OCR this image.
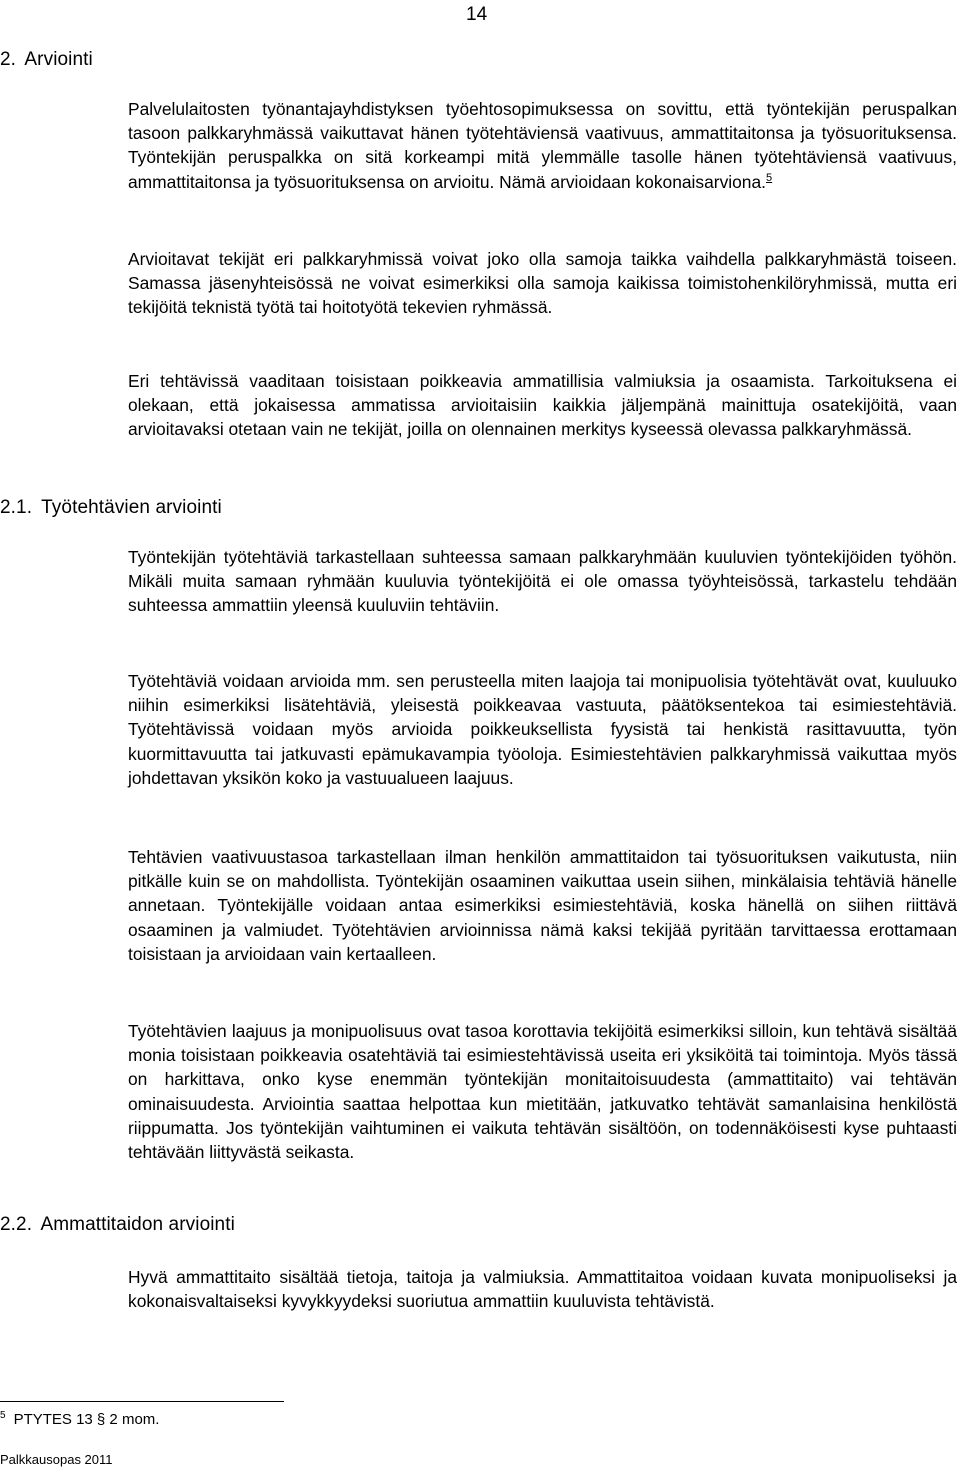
14
2. Arviointi

Palvelulaitosten työnantajayhdistyksen työehtosopimuksessa on sovittu, että työntekijän peruspalkan tasoon palkkaryhmässä vaikuttavat hänen työtehtäviensä vaativuus, ammattitaitonsa ja työsuorituksensa. Työntekijän peruspalkka on sitä korkeampi mitä ylemmälle tasolle hänen työtehtäviensä vaativuus, ammattitaitonsa ja työsuorituksensa on arvioitu. Nämä arvioidaan kokonaisarviona.$^5$

Arvioitavat tekijät eri palkkaryhmissä voivat joko olla samoja taikka vaihdella palkkaryhmästä toiseen. Samassa jäsenyhteisössä ne voivat esimerkiksi olla samoja kaikissa toimistohenkilöryhmissä, mutta eri tekijöitä teknistä työtä tai hoitotyötä tekevien ryhmässä.

Eri tehtävissä vaaditaan toisistaan poikkeavia ammatillisia valmiuksia ja osaamista. Tarkoituksena ei olekaan, että jokaisessa ammatissa arvioitaisiin kaikkia jäljempänä mainittuja osatekijöitä, vaan arvioitavaksi otetaan vain ne tekijät, joilla on olennainen merkitys kyseessä olevassa palkkaryhmässä.

2.1. Työtehtävien arviointi

Työntekijän työtehtäviä tarkastellaan suhteessa samaan palkkaryhmään kuuluvien työntekijöiden työhön. Mikäli muita samaan ryhmään kuuluvia työntekijöitä ei ole omassa työyhteisössä, tarkastelu tehdään suhteessa ammattiin yleensä kuuluviin tehtäviin.

Työtehtäviä voidaan arvioida mm. sen perusteella miten laajoja tai monipuolisia työtehtävät ovat, kuuluuko niihin esimerkiksi lisätehtäviä, yleisestä poikkeavaa vastuuta, päätöksentekoa tai esimiestehtäviä. Työtehtävissä voidaan myös arvioida poikkeuksellista fyysistä tai henkistä rasittavuutta, työn kuormittavuutta tai jatkuvasti epämukavampia työoloja. Esimiestehtävien palkkaryhmissä vaikuttaa myös johdettavan yksikön koko ja vastuualueen laajuus.

Tehtävien vaativuustasoa tarkastellaan ilman henkilön ammattitaidon tai työsuorituksen vaikutusta, niin pitkälle kuin se on mahdollista. Työntekijän osaaminen vaikuttaa usein siihen, minkälaisia tehtäviä hänelle annetaan. Työntekijälle voidaan antaa esimerkiksi esimiestehtäviä, koska hänellä on siihen riittävä osaaminen ja valmiudet. Työtehtävien arvioinnissa nämä kaksi tekijää pyritään tarvittaessa erottamaan toisistaan ja arvioidaan vain kertaalleen.

Työtehtävien laajuus ja monipuolisuus ovat tasoa korottavia tekijöitä esimerkiksi silloin, kun tehtävä sisältää monia toisistaan poikkeavia osatehtäviä tai esimiestehtävissä useita eri yksiköitä tai toimintoja. Myös tässä on harkittava, onko kyse enemmän työntekijän monitaitoisuudesta (ammattitaito) vai tehtävän ominaisuudesta. Arviointia saattaa helpottaa kun mietitään, jatkuvatko tehtävät samanlaisina henkilöstä riippumatta. Jos työntekijän vaihtuminen ei vaikuta tehtävän sisältöön, on todennäköisesti kyse puhtaasti tehtävään liittyvästä seikasta.

2.2. Ammattitaidon arviointi

Hyvä ammattitaito sisältää tietoja, taitoja ja valmiuksia. Ammattitaitoa voidaan kuvata monipuoliseksi ja kokonaisvaltaiseksi kyvykkyydeksi suoriutua ammattiin kuuluvista tehtävistä.

$^5$ PTYTES 13 § 2 mom.
Palkkausopas 2011
